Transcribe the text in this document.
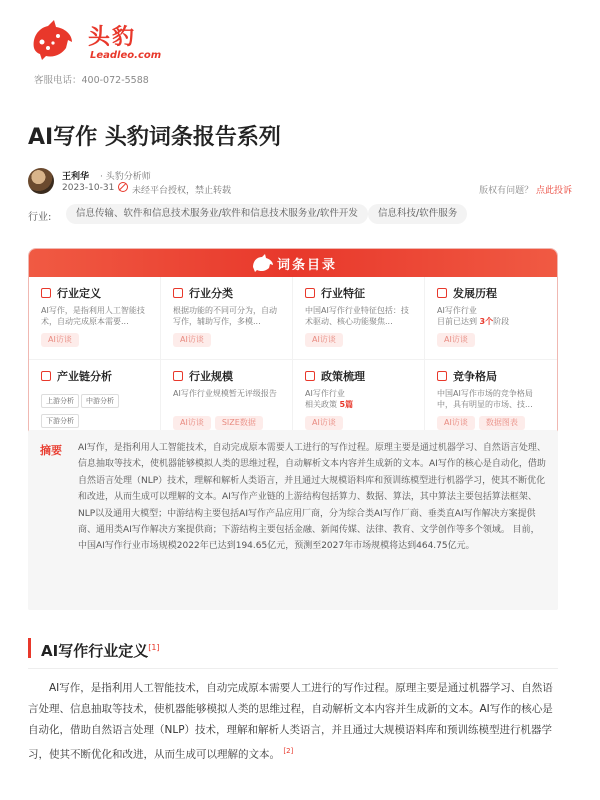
头豹
Leadleo.com
客服电话：400-072-5588
AI写作 头豹词条报告系列
王利华 · 头豹分析师
2023-10-31 未经平台授权，禁止转载	版权有问题？ 点此投诉
行业:	信息传输、软件和信息技术服务业/软件和信息技术服务业/软件开发	信息科技/软件服务
词条目录
行业定义
AI写作，是指利用人工智能技术，自动完成原本需要...
AI访谈
行业分类
根据功能的不同可分为，自动写作，辅助写作，多模...
AI访谈
行业特征
中国AI写作行业特征包括：技术驱动、核心功能聚焦...
AI访谈
发展历程
AI写作行业
目前已达到 3个阶段
AI访谈
产业链分析
上游分析 中游分析下游分析
行业规模
AI写作行业规模暂无评级报告
AI访谈 SIZE数据
政策梳理
AI写作行业
相关政策 5篇
AI访谈
竞争格局
中国AI写作市场的竞争格局中，具有明显的市场、技...
AI访谈 数据图表
摘要 AI写作，是指利用人工智能技术，自动完成原本需要人工进行的写作过程。原理主要是通过机器学习、自然语言处理、信息抽取等技术，使机器能够模拟人类的思维过程，自动解析文本内容并生成新的文本。AI写作的核心是自动化，借助自然语言处理（NLP）技术，理解和解析人类语言，并且通过大规模语料库和预训练模型进行机器学习，使其不断优化和改进，从而生成可以理解的文本。AI写作产业链的上游结构包括算力、数据、算法，其中算法主要包括算法框架、NLP以及通用大模型；中游结构主要包括AI写作产品应用厂商，分为综合类AI写作厂商、垂类直AI写作解决方案提供商、通用类AI写作解决方案提供商；下游结构主要包括金融、新闻传媒、法律、教育、文学创作等多个领域。 目前，中国AI写作行业市场规模2022年已达到194.65亿元，预测至2027年市场规模将达到464.75亿元。
AI写作行业定义[1]
AI写作，是指利用人工智能技术，自动完成原本需要人工进行的写作过程。原理主要是通过机器学习、自然语言处理、信息抽取等技术，使机器能够模拟人类的思维过程，自动解析文本内容并生成新的文本。AI写作的核心是自动化，借助自然语言处理（NLP）技术，理解和解析人类语言，并且通过大规模语料库和预训练模型进行机器学习，使其不断优化和改进，从而生成可以理解的文本。 [2]
